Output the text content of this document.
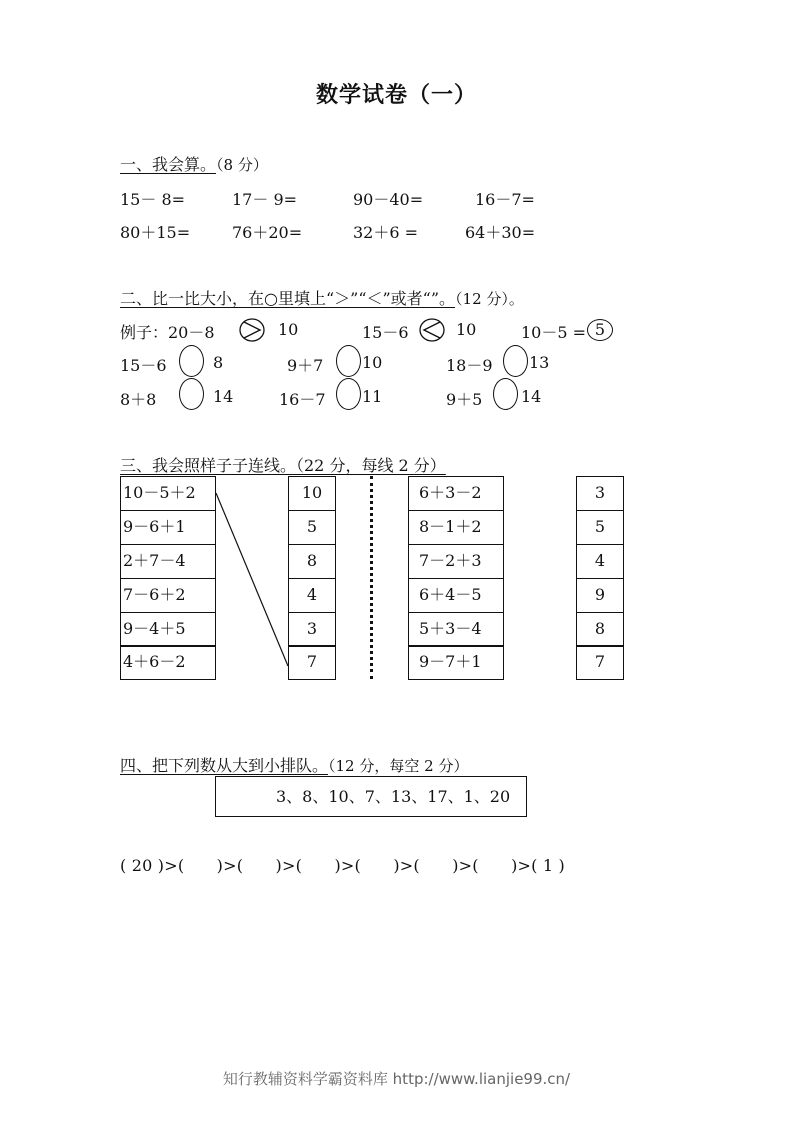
数学试卷（一）
一、我会算。（8 分）
15－ 8=	17－ 9=	90－40=	16－7=
80＋15=	76＋20=	32＋6 =	64＋30=
二、比一比大小，在○里填上“＞”“＜”或者“”。（12 分）。
例子：20－8	10	15－6	10	10－5 = 5
15－6	8	9＋7 10	18－9 13
8＋8	14	16－7 11	9＋5 14
三、我会照样子子连线。（22 分，每线 2 分）
10－5＋2
9－6＋1
2＋7－4
7－6＋2
9－4＋5
4＋6－2
10
5
8
4
3
7
6＋3－2
8－1＋2
7－2＋3
6＋4－5
5＋3－4
9－7＋1
3
5
4
9
8
7
四、把下列数从大到小排队。（12 分，每空 2 分）
3、8、10、7、13、17、1、20
( 20 )>(　　)>(　　)>(　　)>(　　)>(　　)>(　　)>( 1 )
知行教辅资料学霸资料库 http://www.lianjie99.cn/
